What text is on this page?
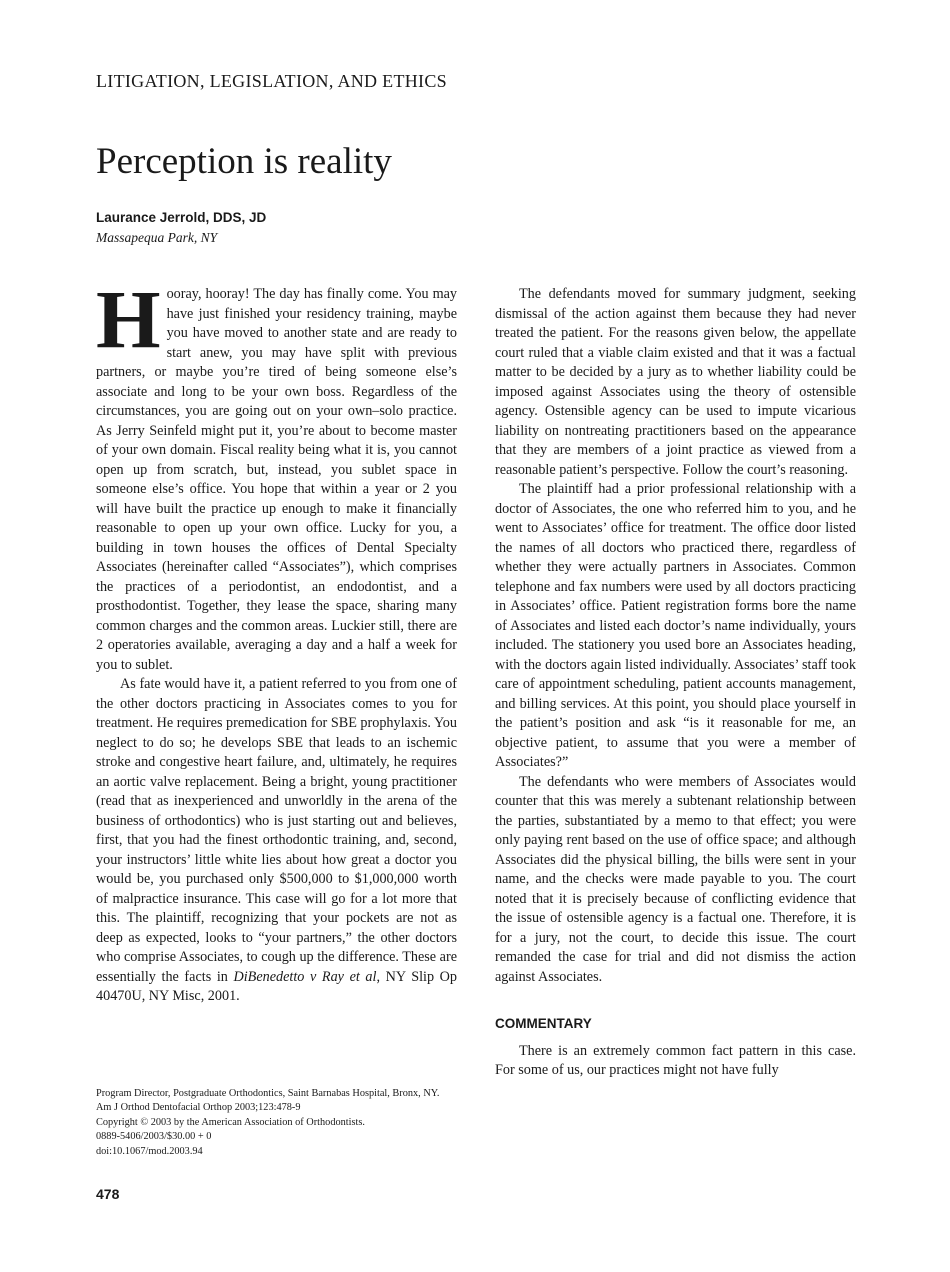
LITIGATION, LEGISLATION, AND ETHICS
Perception is reality
Laurance Jerrold, DDS, JD
Massapequa Park, NY

Hooray, hooray! The day has finally come. You may have just finished your residency training, maybe you have moved to another state and are ready to start anew, you may have split with previous partners, or maybe you’re tired of being someone else’s associate and long to be your own boss. Regardless of the circumstances, you are going out on your own–solo practice. As Jerry Seinfeld might put it, you’re about to become master of your own domain. Fiscal reality being what it is, you cannot open up from scratch, but, instead, you sublet space in someone else’s office. You hope that within a year or 2 you will have built the practice up enough to make it financially reasonable to open up your own office. Lucky for you, a building in town houses the offices of Dental Specialty Associates (hereinafter called “Associates”), which comprises the practices of a periodontist, an endodontist, and a prosthodontist. Together, they lease the space, sharing many common charges and the common areas. Luckier still, there are 2 operatories available, averaging a day and a half a week for you to sublet.

As fate would have it, a patient referred to you from one of the other doctors practicing in Associates comes to you for treatment. He requires premedication for SBE prophylaxis. You neglect to do so; he develops SBE that leads to an ischemic stroke and congestive heart failure, and, ultimately, he requires an aortic valve replacement. Being a bright, young practitioner (read that as inexperienced and unworldly in the arena of the business of orthodontics) who is just starting out and believes, first, that you had the finest orthodontic training, and, second, your instructors’ little white lies about how great a doctor you would be, you purchased only $500,000 to $1,000,000 worth of malpractice insurance. This case will go for a lot more that this. The plaintiff, recognizing that your pockets are not as deep as expected, looks to “your partners,” the other doctors who comprise Associates, to cough up the difference. These are essentially the facts in DiBenedetto v Ray et al, NY Slip Op 40470U, NY Misc, 2001.

Program Director, Postgraduate Orthodontics, Saint Barnabas Hospital, Bronx, NY.
Am J Orthod Dentofacial Orthop 2003;123:478-9
Copyright © 2003 by the American Association of Orthodontists.
0889-5406/2003/$30.00 + 0
doi:10.1067/mod.2003.94
478

The defendants moved for summary judgment, seeking dismissal of the action against them because they had never treated the patient. For the reasons given below, the appellate court ruled that a viable claim existed and that it was a factual matter to be decided by a jury as to whether liability could be imposed against Associates using the theory of ostensible agency. Ostensible agency can be used to impute vicarious liability on nontreating practitioners based on the appearance that they are members of a joint practice as viewed from a reasonable patient’s perspective. Follow the court’s reasoning.

The plaintiff had a prior professional relationship with a doctor of Associates, the one who referred him to you, and he went to Associates’ office for treatment. The office door listed the names of all doctors who practiced there, regardless of whether they were actually partners in Associates. Common telephone and fax numbers were used by all doctors practicing in Associates’ office. Patient registration forms bore the name of Associates and listed each doctor’s name individually, yours included. The stationery you used bore an Associates heading, with the doctors again listed individually. Associates’ staff took care of appointment scheduling, patient accounts management, and billing services. At this point, you should place yourself in the patient’s position and ask “is it reasonable for me, an objective patient, to assume that you were a member of Associates?”

The defendants who were members of Associates would counter that this was merely a subtenant relationship between the parties, substantiated by a memo to that effect; you were only paying rent based on the use of office space; and although Associates did the physical billing, the bills were sent in your name, and the checks were made payable to you. The court noted that it is precisely because of conflicting evidence that the issue of ostensible agency is a factual one. Therefore, it is for a jury, not the court, to decide this issue. The court remanded the case for trial and did not dismiss the action against Associates.

COMMENTARY

There is an extremely common fact pattern in this case. For some of us, our practices might not have fully
